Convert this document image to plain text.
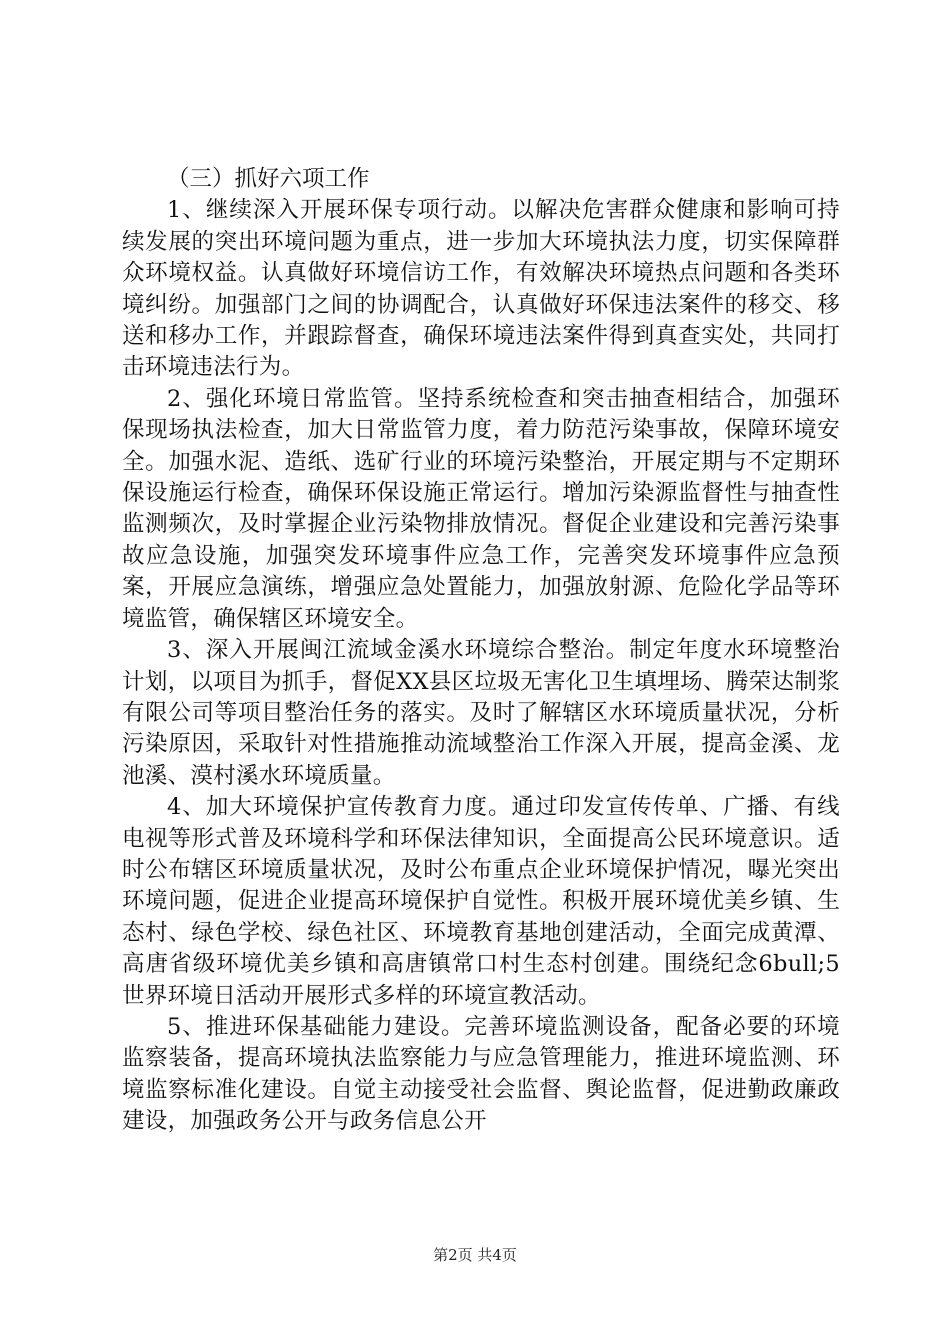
（三）抓好六项工作

1、继续深入开展环保专项行动。以解决危害群众健康和影响可持续发展的突出环境问题为重点，进一步加大环境执法力度，切实保障群众环境权益。认真做好环境信访工作，有效解决环境热点问题和各类环境纠纷。加强部门之间的协调配合，认真做好环保违法案件的移交、移送和移办工作，并跟踪督查，确保环境违法案件得到真查实处，共同打击环境违法行为。

2、强化环境日常监管。坚持系统检查和突击抽查相结合，加强环保现场执法检查，加大日常监管力度，着力防范污染事故，保障环境安全。加强水泥、造纸、选矿行业的环境污染整治，开展定期与不定期环保设施运行检查，确保环保设施正常运行。增加污染源监督性与抽查性监测频次，及时掌握企业污染物排放情况。督促企业建设和完善污染事故应急设施，加强突发环境事件应急工作，完善突发环境事件应急预案，开展应急演练，增强应急处置能力，加强放射源、危险化学品等环境监管，确保辖区环境安全。

3、深入开展闽江流域金溪水环境综合整治。制定年度水环境整治计划，以项目为抓手，督促XX县区垃圾无害化卫生填埋场、腾荣达制浆有限公司等项目整治任务的落实。及时了解辖区水环境质量状况，分析污染原因，采取针对性措施推动流域整治工作深入开展，提高金溪、龙池溪、漠村溪水环境质量。

4、加大环境保护宣传教育力度。通过印发宣传传单、广播、有线电视等形式普及环境科学和环保法律知识，全面提高公民环境意识。适时公布辖区环境质量状况，及时公布重点企业环境保护情况，曝光突出环境问题，促进企业提高环境保护自觉性。积极开展环境优美乡镇、生态村、绿色学校、绿色社区、环境教育基地创建活动，全面完成黄潭、高唐省级环境优美乡镇和高唐镇常口村生态村创建。围绕纪念6bull;5世界环境日活动开展形式多样的环境宣教活动。

5、推进环保基础能力建设。完善环境监测设备，配备必要的环境监察装备，提高环境执法监察能力与应急管理能力，推进环境监测、环境监察标准化建设。自觉主动接受社会监督、舆论监督，促进勤政廉政建设，加强政务公开与政务信息公开

第2页 共4页
